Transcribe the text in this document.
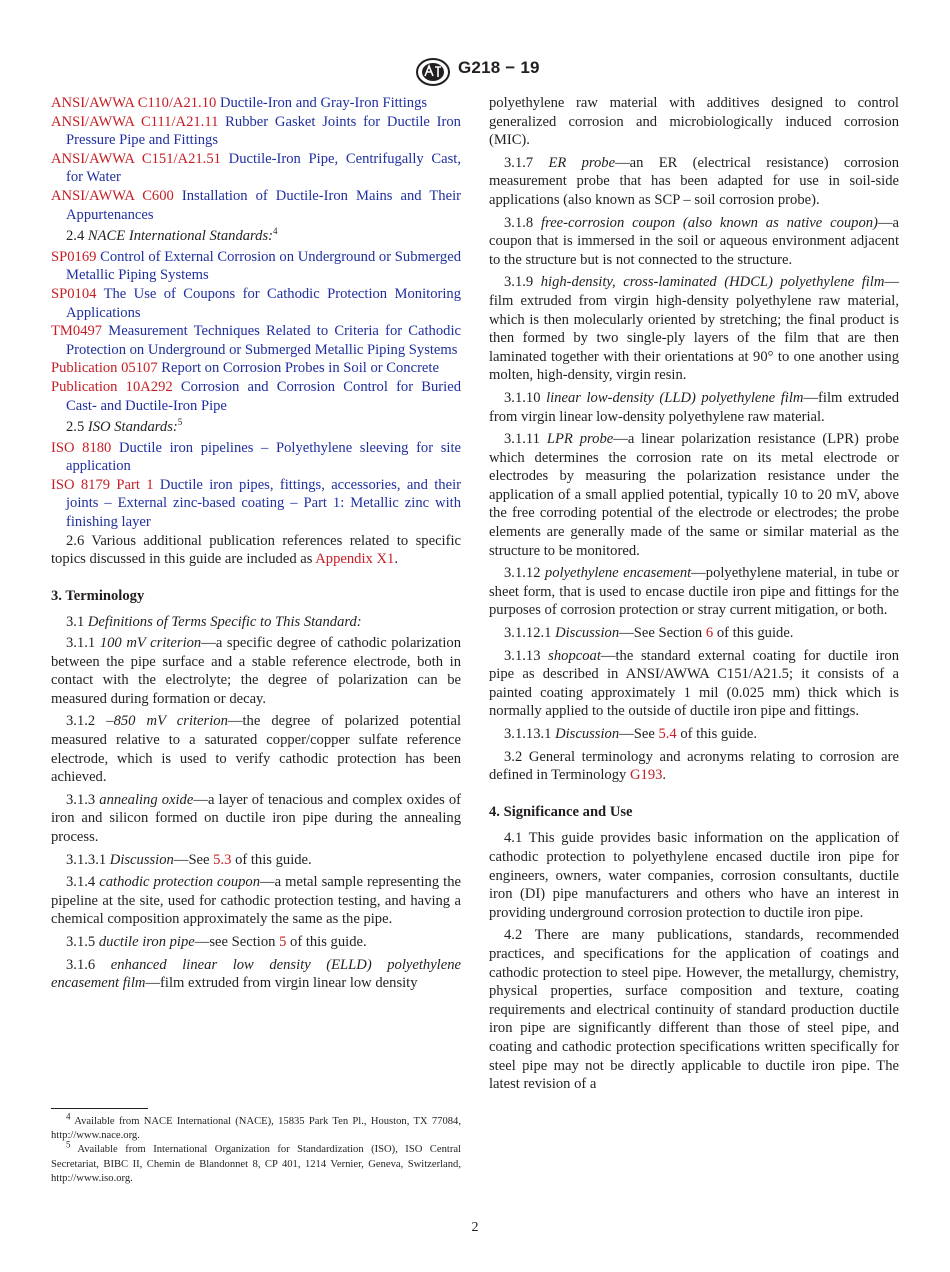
G218 − 19

ANSI/AWWA C110/A21.10 Ductile-Iron and Gray-Iron Fittings

ANSI/AWWA C111/A21.11 Rubber Gasket Joints for Ductile Iron Pressure Pipe and Fittings

ANSI/AWWA C151/A21.51 Ductile-Iron Pipe, Centrifugally Cast, for Water

ANSI/AWWA C600 Installation of Ductile-Iron Mains and Their Appurtenances

2.4 NACE International Standards:$^4$

SP0169 Control of External Corrosion on Underground or Submerged Metallic Piping Systems

SP0104 The Use of Coupons for Cathodic Protection Monitoring Applications

TM0497 Measurement Techniques Related to Criteria for Cathodic Protection on Underground or Submerged Metallic Piping Systems

Publication 05107 Report on Corrosion Probes in Soil or Concrete

Publication 10A292 Corrosion and Corrosion Control for Buried Cast- and Ductile-Iron Pipe

2.5 ISO Standards:$^5$

ISO 8180 Ductile iron pipelines – Polyethylene sleeving for site application

ISO 8179 Part 1 Ductile iron pipes, fittings, accessories, and their joints – External zinc-based coating – Part 1: Metallic zinc with finishing layer

2.6 Various additional publication references related to specific topics discussed in this guide are included as Appendix X1.

3. Terminology

3.1 Definitions of Terms Specific to This Standard:

3.1.1 100 mV criterion—a specific degree of cathodic polarization between the pipe surface and a stable reference electrode, both in contact with the electrolyte; the degree of polarization can be measured during formation or decay.

3.1.2 –850 mV criterion—the degree of polarized potential measured relative to a saturated copper/copper sulfate reference electrode, which is used to verify cathodic protection has been achieved.

3.1.3 annealing oxide—a layer of tenacious and complex oxides of iron and silicon formed on ductile iron pipe during the annealing process.

3.1.3.1 Discussion—See 5.3 of this guide.

3.1.4 cathodic protection coupon—a metal sample representing the pipeline at the site, used for cathodic protection testing, and having a chemical composition approximately the same as the pipe.

3.1.5 ductile iron pipe—see Section 5 of this guide.

3.1.6 enhanced linear low density (ELLD) polyethylene encasement film—film extruded from virgin linear low density

$^4$ Available from NACE International (NACE), 15835 Park Ten Pl., Houston, TX 77084, http://www.nace.org.

$^5$ Available from International Organization for Standardization (ISO), ISO Central Secretariat, BIBC II, Chemin de Blandonnet 8, CP 401, 1214 Vernier, Geneva, Switzerland, http://www.iso.org.

polyethylene raw material with additives designed to control generalized corrosion and microbiologically induced corrosion (MIC).

3.1.7 ER probe—an ER (electrical resistance) corrosion measurement probe that has been adapted for use in soil-side applications (also known as SCP – soil corrosion probe).

3.1.8 free-corrosion coupon (also known as native coupon)—a coupon that is immersed in the soil or aqueous environment adjacent to the structure but is not connected to the structure.

3.1.9 high-density, cross-laminated (HDCL) polyethylene film—film extruded from virgin high-density polyethylene raw material, which is then molecularly oriented by stretching; the final product is then formed by two single-ply layers of the film that are then laminated together with their orientations at 90° to one another using molten, high-density, virgin resin.

3.1.10 linear low-density (LLD) polyethylene film—film extruded from virgin linear low-density polyethylene raw material.

3.1.11 LPR probe—a linear polarization resistance (LPR) probe which determines the corrosion rate on its metal electrode or electrodes by measuring the polarization resistance under the application of a small applied potential, typically 10 to 20 mV, above the free corroding potential of the electrode or electrodes; the probe elements are generally made of the same or similar material as the structure to be monitored.

3.1.12 polyethylene encasement—polyethylene material, in tube or sheet form, that is used to encase ductile iron pipe and fittings for the purposes of corrosion protection or stray current mitigation, or both.

3.1.12.1 Discussion—See Section 6 of this guide.

3.1.13 shopcoat—the standard external coating for ductile iron pipe as described in ANSI/AWWA C151/A21.5; it consists of a painted coating approximately 1 mil (0.025 mm) thick which is normally applied to the outside of ductile iron pipe and fittings.

3.1.13.1 Discussion—See 5.4 of this guide.

3.2 General terminology and acronyms relating to corrosion are defined in Terminology G193.

4. Significance and Use

4.1 This guide provides basic information on the application of cathodic protection to polyethylene encased ductile iron pipe for engineers, owners, water companies, corrosion consultants, ductile iron (DI) pipe manufacturers and others who have an interest in providing underground corrosion protection to ductile iron pipe.

4.2 There are many publications, standards, recommended practices, and specifications for the application of coatings and cathodic protection to steel pipe. However, the metallurgy, chemistry, physical properties, surface composition and texture, coating requirements and electrical continuity of standard production ductile iron pipe are significantly different than those of steel pipe, and coating and cathodic protection specifications written specifically for steel pipe may not be directly applicable to ductile iron pipe. The latest revision of a

2
